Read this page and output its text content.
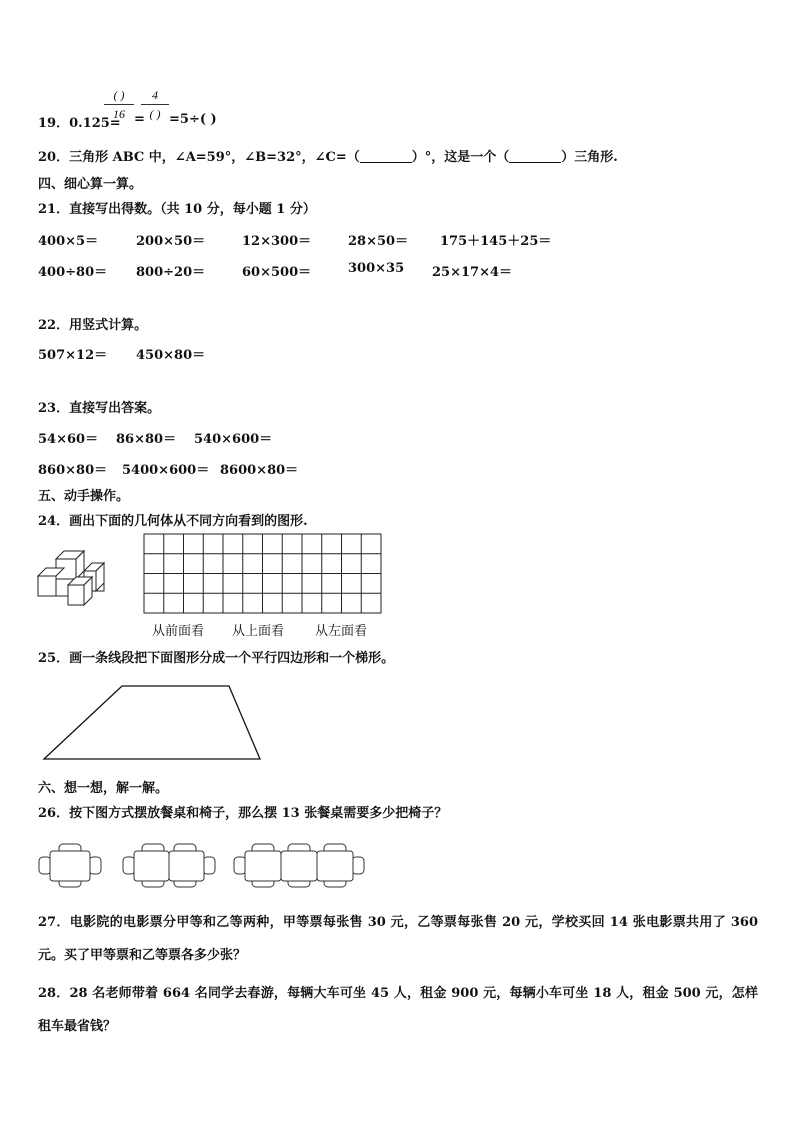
( )
16
4
( )
19．0.125= = =5÷( )
20．三角形 ABC 中，∠A=59°，∠B=32°，∠C=（	）°，这是一个（	）三角形.
四、细心算一算。
21．直接写出得数。（共 10 分，每小题 1 分）
400×5＝	200×50＝	12×300＝	28×50＝ 175＋145＋25＝
400÷80＝ 800÷20＝	60×500＝	300×35 25×17×4＝
22．用竖式计算。
507×12＝ 450×80＝
23．直接写出答案。
54×60＝ 86×80＝ 540×600＝
860×80＝ 5400×600＝ 8600×80＝
五、动手操作。
24．画出下面的几何体从不同方向看到的图形.
从前面看 从上面看 从左面看
25．画一条线段把下面图形分成一个平行四边形和一个梯形。
六、想一想，解一解。
26．按下图方式摆放餐桌和椅子，那么摆 13 张餐桌需要多少把椅子？
27．电影院的电影票分甲等和乙等两种，甲等票每张售 30 元，乙等票每张售 20 元，学校买回 14 张电影票共用了 360 元。买了甲等票和乙等票各多少张？
28．28 名老师带着 664 名同学去春游，每辆大车可坐 45 人，租金 900 元，每辆小车可坐 18 人，租金 500 元，怎样租车最省钱？
